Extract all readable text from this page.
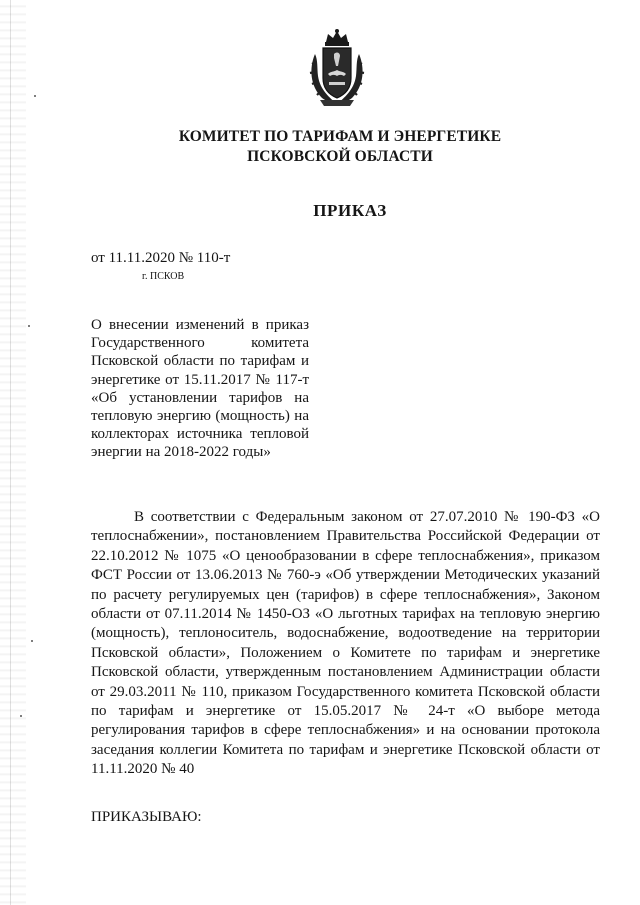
КОМИТЕТ ПО ТАРИФАМ И ЭНЕРГЕТИКЕ
ПСКОВСКОЙ ОБЛАСТИ
ПРИКАЗ
от 11.11.2020 № 110-т
г. ПСКОВ
О внесении изменений в приказ Государственного комитета Псковской области по тарифам и энергетике от 15.11.2017 № 117-т «Об установлении тарифов на тепловую энергию (мощность) на коллекторах источника тепловой энергии на 2018-2022 годы»
В соответствии с Федеральным законом от 27.07.2010 № 190-ФЗ «О теплоснабжении», постановлением Правительства Российской Федерации от 22.10.2012 № 1075 «О ценообразовании в сфере теплоснабжения», приказом ФСТ России от 13.06.2013 № 760-э «Об утверждении Методических указаний по расчету регулируемых цен (тарифов) в сфере теплоснабжения», Законом области от 07.11.2014 № 1450-ОЗ «О льготных тарифах на тепловую энергию (мощность), теплоноситель, водоснабжение, водоотведение на территории Псковской области», Положением о Комитете по тарифам и энергетике Псковской области, утвержденным постановлением Администрации области от 29.03.2011 № 110, приказом Государственного комитета Псковской области по тарифам и энергетике от 15.05.2017 № 24-т «О выборе метода регулирования тарифов в сфере теплоснабжения» и на основании протокола заседания коллегии Комитета по тарифам и энергетике Псковской области от 11.11.2020 № 40
ПРИКАЗЫВАЮ:
